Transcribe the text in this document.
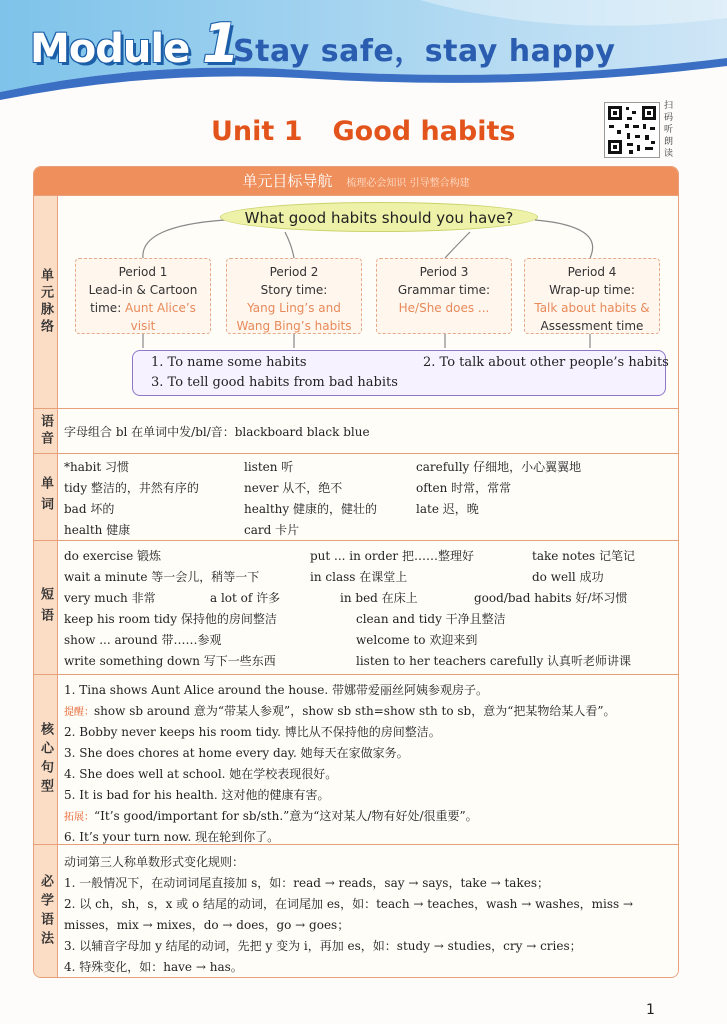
Module 1
Stay safe，stay happy
Unit 1 Good habits
扫码听朗读
单元目标导航 梳理必会知识 引导整合构建
单元脉络
What good habits should you have?
Period 1
Lead-in & Cartoon
time: Aunt Alice’s
visit
Period 2
Story time:
Yang Ling’s and
Wang Bing’s habits
Period 3
Grammar time:
He/She does ...
Period 4
Wrap-up time:
Talk about habits &
Assessment time
1. To name some habits	2. To talk about other people’s habits
3. To tell good habits from bad habits
语音 字母组合 bl 在单词中发/bl/音：blackboard black blue
单词
*habit 习惯	listen 听	carefully 仔细地，小心翼翼地
tidy 整洁的，井然有序的	never 从不，绝不	often 时常，常常
bad 坏的	healthy 健康的，健壮的	late 迟，晚
health 健康	card 卡片
短语
do exercise 锻炼	put ... in order 把……整理好	take notes 记笔记
wait a minute 等一会儿，稍等一下	in class 在课堂上	do well 成功
very much 非常	a lot of 许多	in bed 在床上	good/bad habits 好/坏习惯
keep his room tidy 保持他的房间整洁	clean and tidy 干净且整洁
show ... around 带……参观	welcome to 欢迎来到
write something down 写下一些东西	listen to her teachers carefully 认真听老师讲课
核心句型
1. Tina shows Aunt Alice around the house. 带娜带爱丽丝阿姨参观房子。
提醒：show sb around 意为“带某人参观”，show sb sth=show sth to sb，意为“把某物给某人看”。
2. Bobby never keeps his room tidy. 博比从不保持他的房间整洁。
3. She does chores at home every day. 她每天在家做家务。
4. She does well at school. 她在学校表现很好。
5. It is bad for his health. 这对他的健康有害。
拓展：“It’s good/important for sb/sth.”意为“这对某人/物有好处/很重要”。
6. It’s your turn now. 现在轮到你了。
必学语法
动词第三人称单数形式变化规则：
1. 一般情况下，在动词词尾直接加 s，如：read → reads，say → says，take → takes；
2. 以 ch，sh，s，x 或 o 结尾的动词，在词尾加 es，如：teach → teaches，wash → washes，miss →
misses，mix → mixes，do → does，go → goes；
3. 以辅音字母加 y 结尾的动词，先把 y 变为 i，再加 es，如：study → studies，cry → cries；
4. 特殊变化，如：have → has。
1
